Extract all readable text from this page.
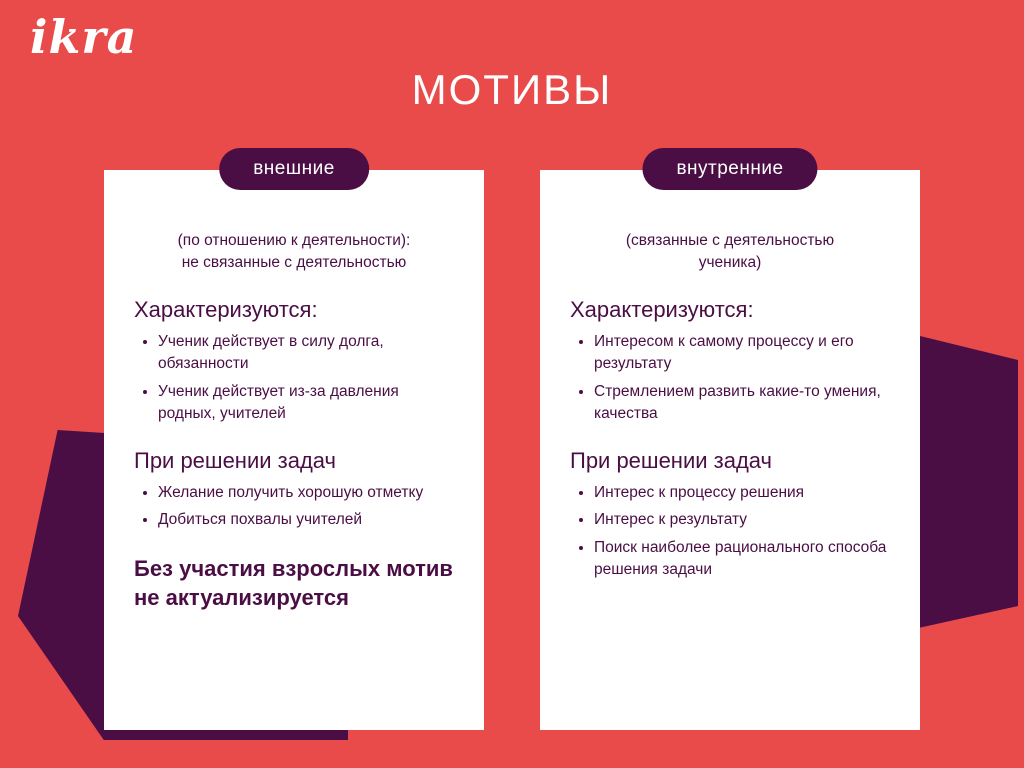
ikra
МОТИВЫ
внешние
(по отношению к деятельности):
не связанные с деятельностью
Характеризуются:
• Ученик действует в силу долга, обязанности
• Ученик действует из-за давления родных, учителей
При решении задач
• Желание получить хорошую отметку
• Добиться похвалы учителей
Без участия взрослых мотив не актуализируется
внутренние
(связанные с деятельностью
ученика)
Характеризуются:
• Интересом к самому процессу и его результату
• Стремлением развить какие-то умения, качества
При решении задач
• Интерес к процессу решения
• Интерес к результату
• Поиск наиболее рационального способа решения задачи
